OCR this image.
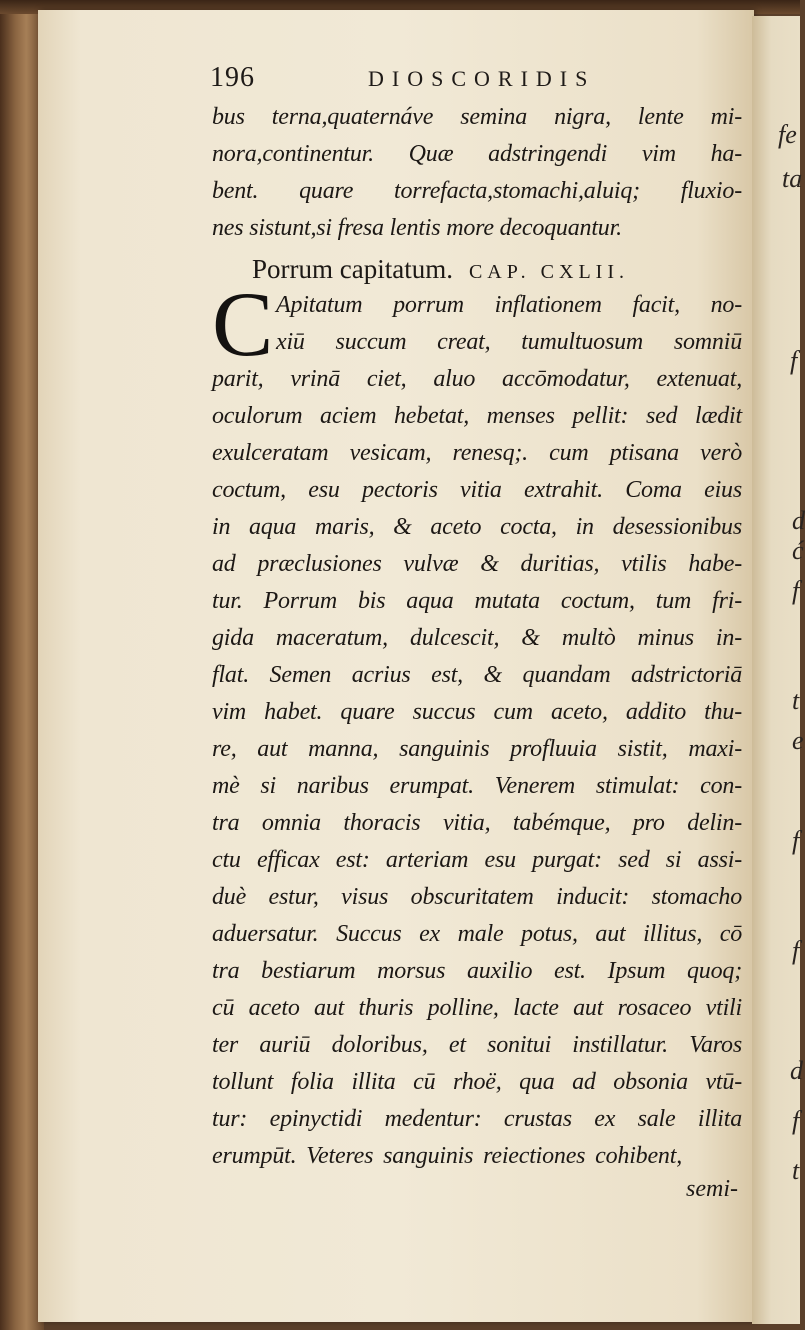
fe
ta
f
d
ć
f
t
e
f
f
d
f
t
196	DIOSCORIDIS
bus terna,quaternáve semina nigra, lente mi-
nora,continentur. Quæ adstringendi vim ha-
bent. quare torrefacta,stomachi,aluiq; fluxio-
nes sistunt,si fresa lentis more decoquantur.
Porrum capitatum. CAP. CXLII.
C Apitatum porrum inflationem facit, no-
xiū succum creat, tumultuosum somniū
parit, vrinā ciet, aluo accōmodatur, extenuat,
oculorum aciem hebetat, menses pellit: sed lædit
exulceratam vesicam, renesq;. cum ptisana verò
coctum, esu pectoris vitia extrahit. Coma eius
in aqua maris, & aceto cocta, in desessionibus
ad præclusiones vulvæ & duritias, vtilis habe-
tur. Porrum bis aqua mutata coctum, tum fri-
gida maceratum, dulcescit, & multò minus in-
flat. Semen acrius est, & quandam adstrictoriā
vim habet. quare succus cum aceto, addito thu-
re, aut manna, sanguinis profluuia sistit, maxi-
mè si naribus erumpat. Venerem stimulat: con-
tra omnia thoracis vitia, tabémque, pro delin-
ctu efficax est: arteriam esu purgat: sed si assi-
duè estur, visus obscuritatem inducit: stomacho
aduersatur. Succus ex male potus, aut illitus, cō
tra bestiarum morsus auxilio est. Ipsum quoq;
cū aceto aut thuris polline, lacte aut rosaceo vtili
ter auriū doloribus, et sonitui instillatur. Varos
tollunt folia illita cū rhoë, qua ad obsonia vtū-
tur: epinyctidi medentur: crustas ex sale illita
erumpūt. Veteres sanguinis reiectiones cohibent,
semi-
